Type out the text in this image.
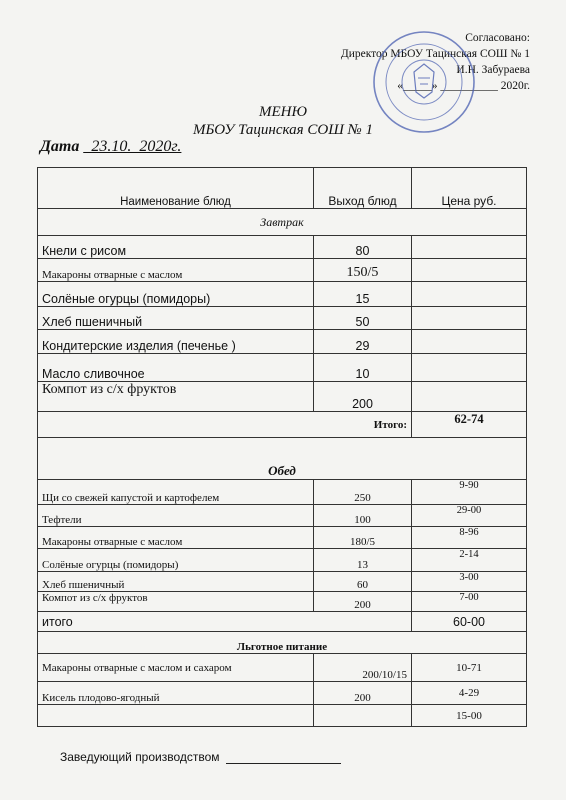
Согласовано:
Директор МБОУ Тацинская СОШ № 1
И.Н. Забураева
«_____» __________ 2020г.
МЕНЮ
МБОУ Тацинская СОШ № 1
Дата _23.10._2020г.
Наименование блюд	Выход блюд	Цена руб.
Завтрак		
Кнели с рисом	80	
Макароны отварные с маслом	150/5	
Солёные огурцы (помидоры)	15	
Хлеб пшеничный	50	
Кондитерские изделия (печенье )	29	
Масло сливочное	10	
Компот из с/х фруктов	200	
Итого:		62-74
Обед		
Щи со свежей капустой и картофелем	250	9-90
Тефтели	100	29-00
Макароны отварные с маслом	180/5	8-96
Солёные огурцы (помидоры)	13	2-14
Хлеб пшеничный	60	3-00
Компот из с/х фруктов	200	7-00
итого		60-00
Льготное питание		
Макароны отварные с маслом и сахаром	200/10/15	10-71
Кисель плодово-ягодный	200	4-29
		15-00
Заведующий производством
